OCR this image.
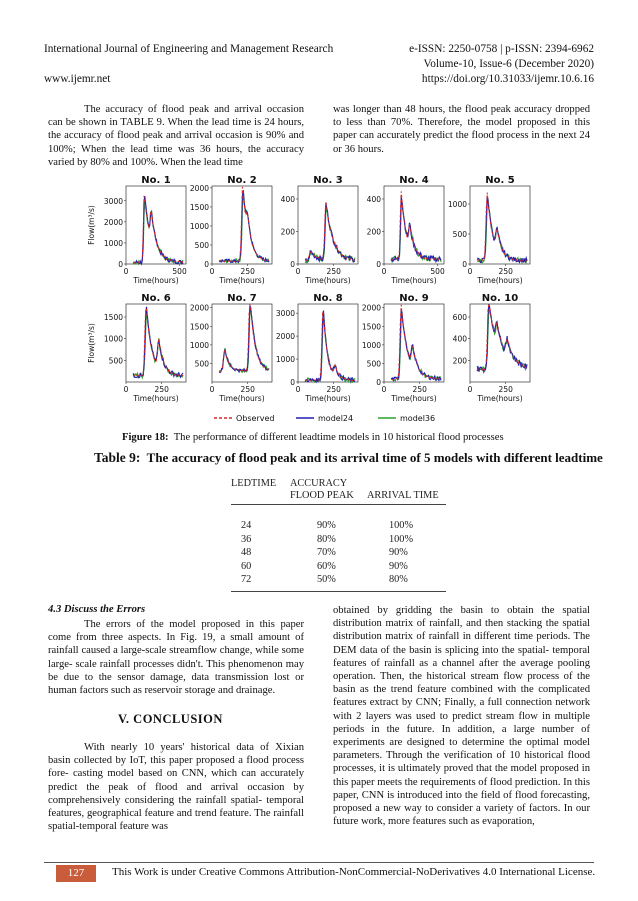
International Journal of Engineering and Management Research	e-ISSN: 2250-0758 | p-ISSN: 2394-6962
Volume-10, Issue-6 (December 2020)
www.ijemr.net	https://doi.org/10.31033/ijemr.10.6.16

The accuracy of flood peak and arrival occasion can be shown in TABLE 9. When the lead time is 24 hours, the accuracy of flood peak and arrival occasion is 90% and 100%; When the lead time was 36 hours, the accuracy varied by 80% and 100%. When the lead time

was longer than 48 hours, the flood peak accuracy dropped to less than 70%. Therefore, the model proposed in this paper can accurately predict the flood process in the next 24 or 36 hours.

No. 1
0
1000
2000
3000
0	500
Time(hours)
Flow(m³/s)
No. 2
0
500
1000
1500
2000
0	250
Time(hours)
No. 3
0
200
400
0	250
Time(hours)
No. 4
0
200
400
0	500
Time(hours)
No. 5
0
500
1000
0	250
Time(hours)
No. 6
500
1000
1500
0	250
Time(hours)
Flow(m³/s)
No. 7
500
1000
1500
2000
0	250
Time(hours)
No. 8
0
1000
2000
3000
0	250
Time(hours)
No. 9
0
500
1000
1500
2000
0	250
Time(hours)
No. 10
200
400
600
0	250
Time(hours)
Observed	model24	model36
Figure 18: The performance of different leadtime models in 10 historical flood processes
Table 9: The accuracy of flood peak and its arrival time of 5 models with different leadtime
LEDTIME ACCURACY
FLOOD PEAK ARRIVAL TIME
24	90%	100%
36	80%	100%
48	70%	90%
60	60%	90%
72	50%	80%
4.3 Discuss the Errors

The errors of the model proposed in this paper come from three aspects. In Fig. 19, a small amount of rainfall caused a large-scale streamflow change, while some large- scale rainfall processes didn't. This phenomenon may be due to the sensor damage, data transmission lost or human factors such as reservoir storage and drainage.

V. CONCLUSION

With nearly 10 years' historical data of Xixian basin collected by IoT, this paper proposed a flood process fore- casting model based on CNN, which can accurately predict the peak of flood and arrival occasion by comprehensively considering the rainfall spatial- temporal features, geographical feature and trend feature. The rainfall spatial-temporal feature was

obtained by gridding the basin to obtain the spatial distribution matrix of rainfall, and then stacking the spatial distribution matrix of rainfall in different time periods. The DEM data of the basin is splicing into the spatial- temporal features of rainfall as a channel after the average pooling operation. Then, the historical stream flow process of the basin as the trend feature combined with the complicated features extract by CNN; Finally, a full connection network with 2 layers was used to predict stream flow in multiple periods in the future. In addition, a large number of experiments are designed to determine the optimal model parameters. Through the verification of 10 historical flood processes, it is ultimately proved that the model proposed in this paper meets the requirements of flood prediction. In this paper, CNN is introduced into the field of flood forecasting, proposed a new way to consider a variety of factors. In our future work, more features such as evaporation,

127	This Work is under Creative Commons Attribution-NonCommercial-NoDerivatives 4.0 International License.
